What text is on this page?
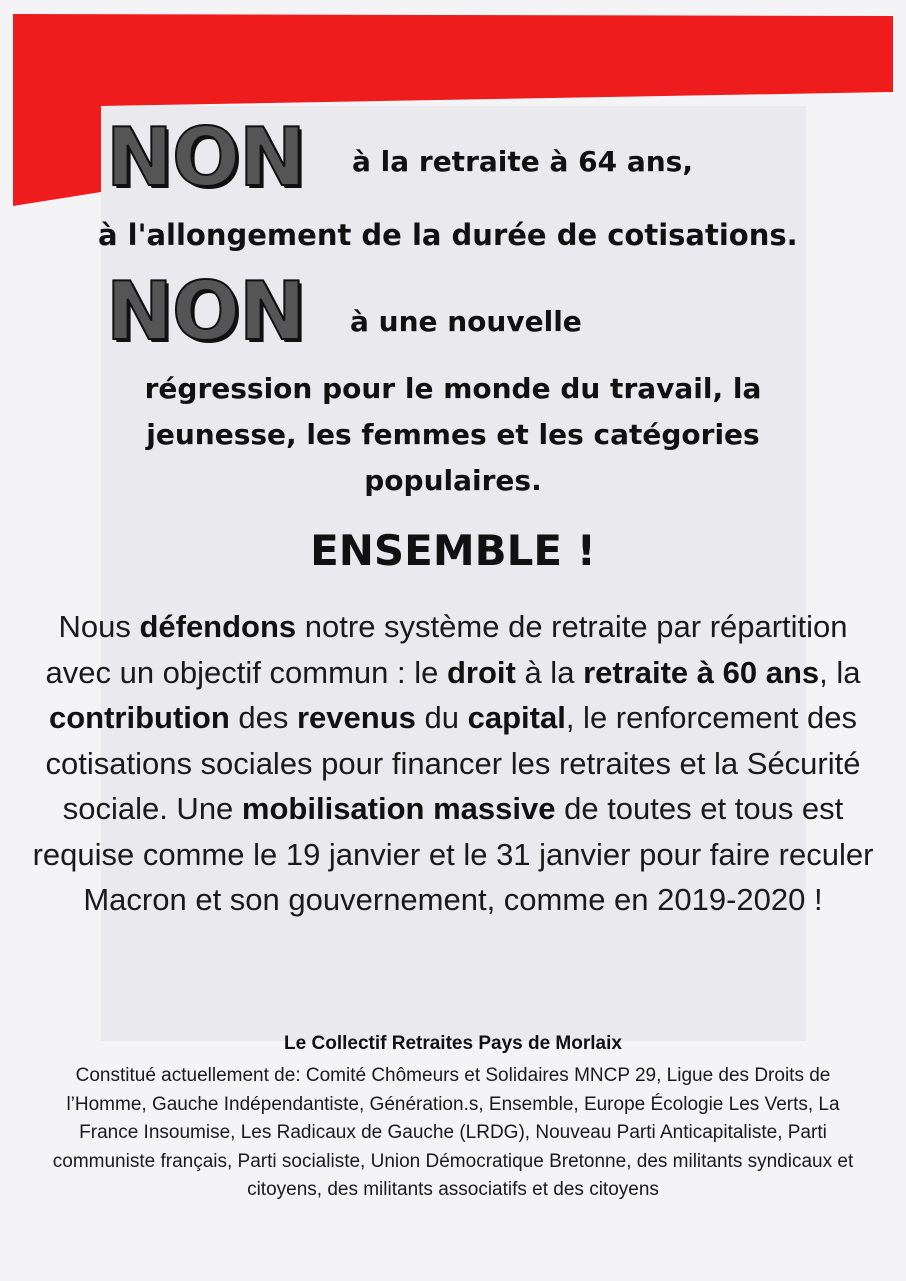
NON à la retraite à 64 ans,
à l'allongement de la durée de cotisations.
NON à une nouvelle
régression pour le monde du travail, la
jeunesse, les femmes et les catégories
populaires.
ENSEMBLE !
Nous défendons notre système de retraite par répartition avec un objectif commun : le droit à la retraite à 60 ans, la contribution des revenus du capital, le renforcement des cotisations sociales pour financer les retraites et la Sécurité sociale. Une mobilisation massive de toutes et tous est requise comme le 19 janvier et le 31 janvier pour faire reculer Macron et son gouvernement, comme en 2019-2020 !
Le Collectif Retraites Pays de Morlaix
Constitué actuellement de: Comité Chômeurs et Solidaires MNCP 29, Ligue des Droits de l’Homme, Gauche Indépendantiste, Génération.s, Ensemble, Europe Écologie Les Verts, La France Insoumise, Les Radicaux de Gauche (LRDG), Nouveau Parti Anticapitaliste, Parti communiste français, Parti socialiste, Union Démocratique Bretonne, des militants syndicaux et citoyens, des militants associatifs et des citoyens
